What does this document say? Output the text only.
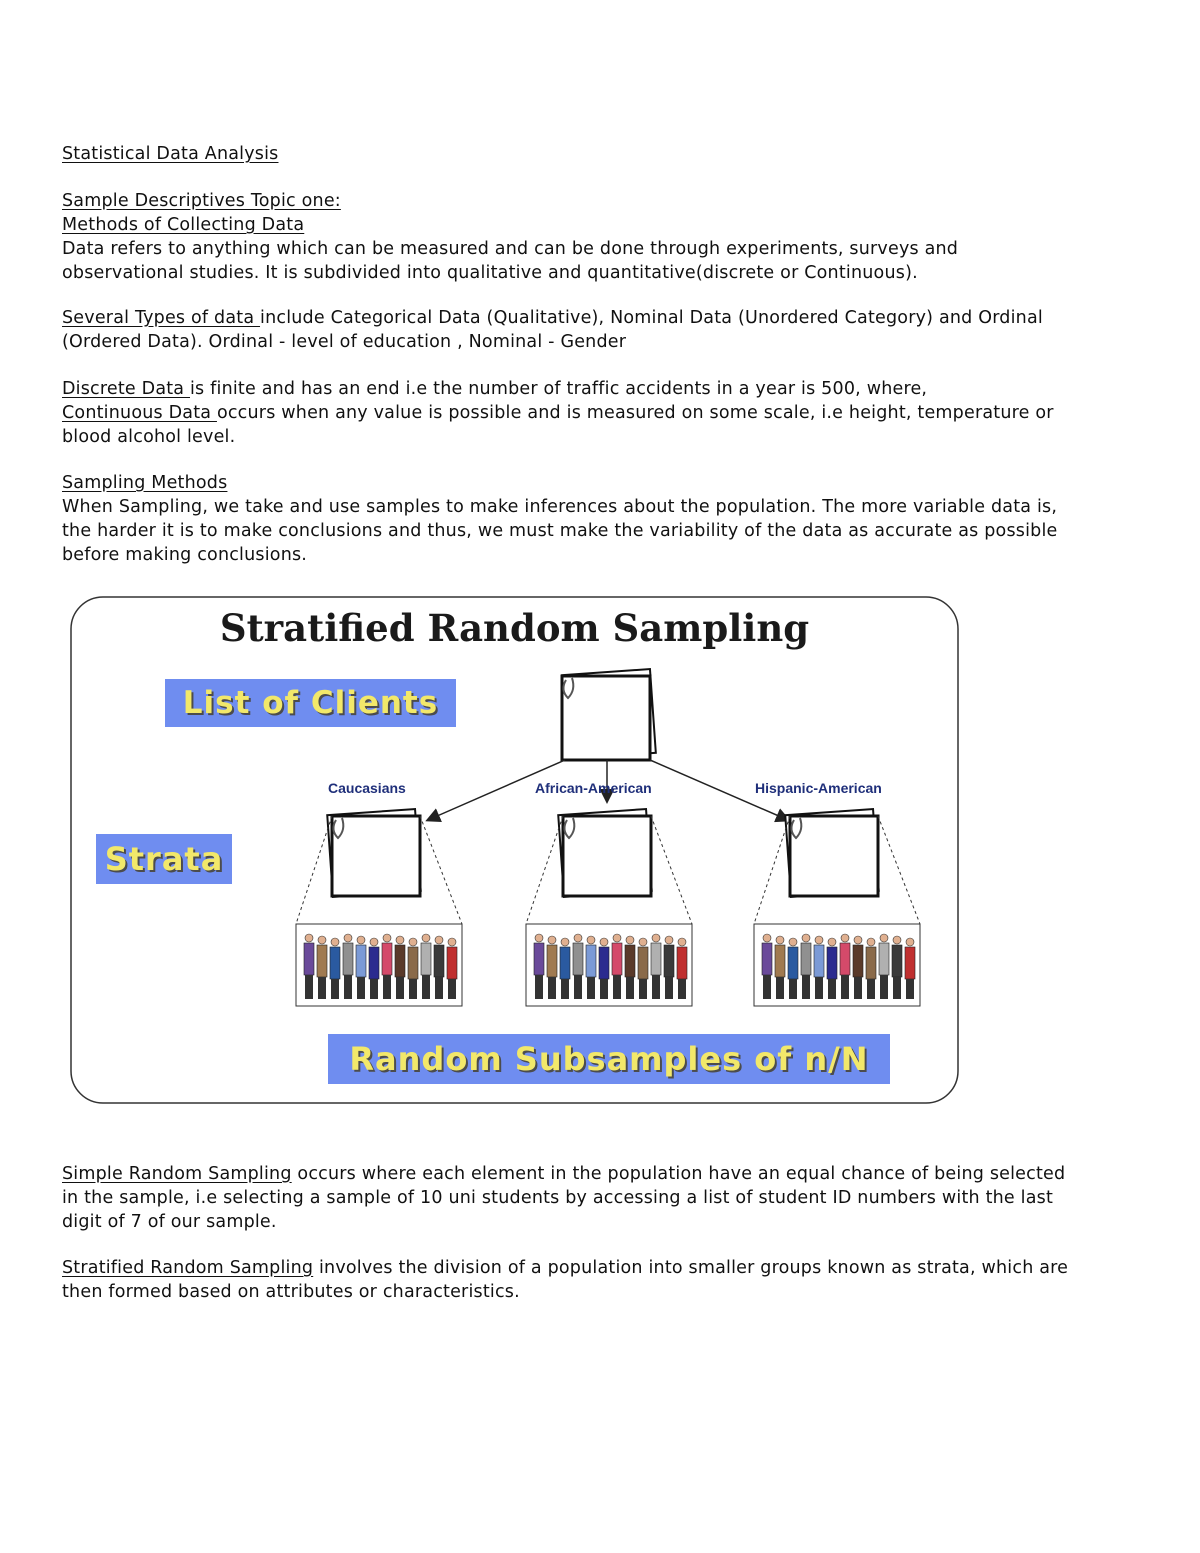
Statistical Data Analysis

Sample Descriptives Topic one:

Methods of Collecting Data

Data refers to anything which can be measured and can be done through experiments, surveys and observational studies. It is subdivided into qualitative and quantitative(discrete or Continuous).

Several Types of data include Categorical Data (Qualitative), Nominal Data (Unordered Category) and Ordinal (Ordered Data). Ordinal - level of education , Nominal - Gender

Discrete Data is finite and has an end i.e the number of traffic accidents in a year is 500, where,

Continuous Data occurs when any value is possible and is measured on some scale, i.e height, temperature or blood alcohol level.

Sampling Methods

When Sampling, we take and use samples to make inferences about the population. The more variable data is, the harder it is to make conclusions and thus, we must make the variability of the data as accurate as possible before making conclusions.

Stratified Random Sampling
List of Clients
Strata
Random Subsamples of n/N
Caucasians	African-American	Hispanic-American

Simple Random Sampling occurs where each element in the population have an equal chance of being selected in the sample, i.e selecting a sample of 10 uni students by accessing a list of student ID numbers with the last digit of 7 of our sample.

Stratified Random Sampling involves the division of a population into smaller groups known as strata, which are then formed based on attributes or characteristics.
